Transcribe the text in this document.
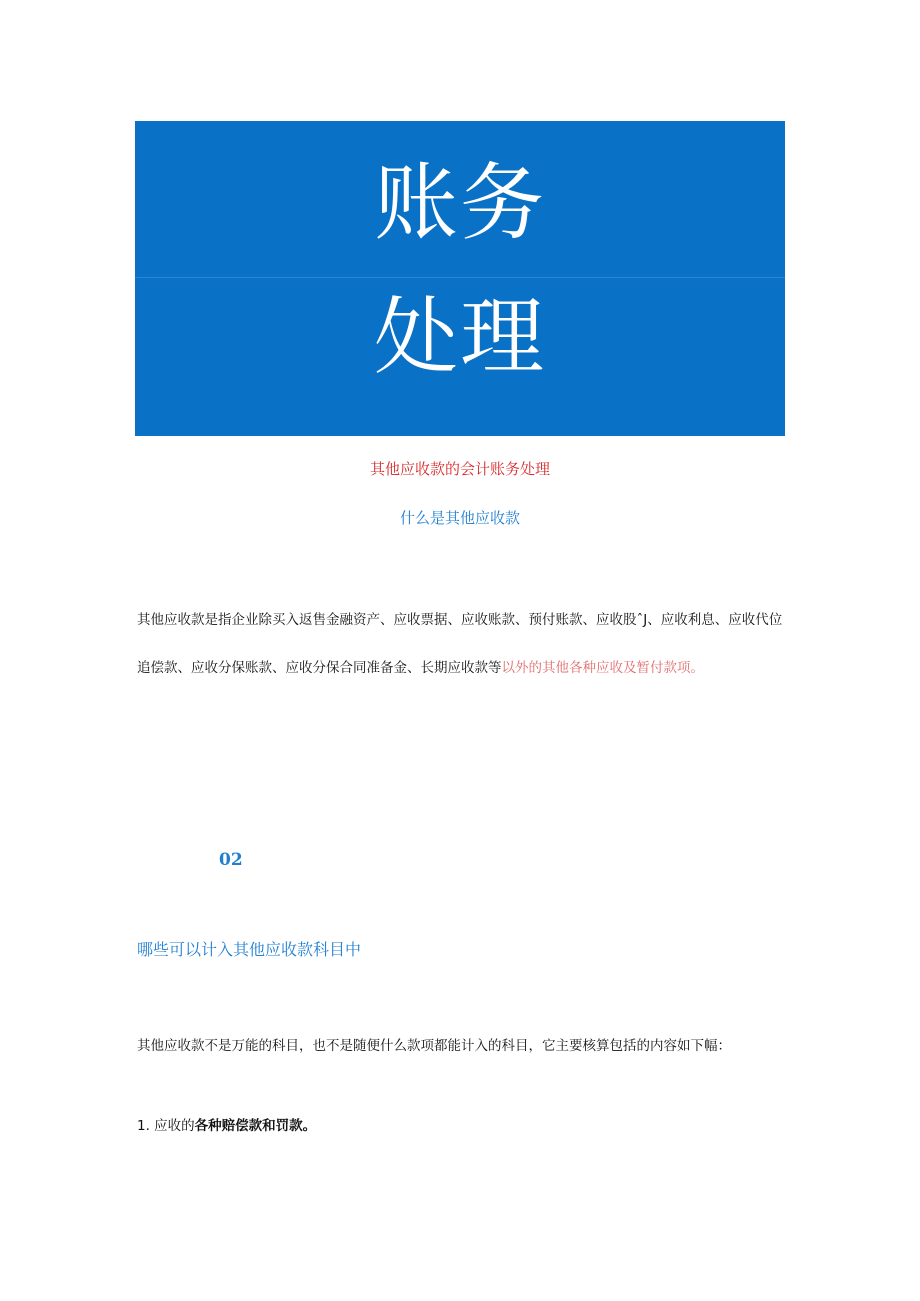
账务
处理
其他应收款的会计账务处理
什么是其他应收款
其他应收款是指企业除买入返售金融资产、应收票据、应收账款、预付账款、应收股ˆJ、应收利息、应收代位追偿款、应收分保账款、应收分保合同准备金、长期应收款等以外的其他各种应收及暂付款项。
02
哪些可以计入其他应收款科目中
其他应收款不是万能的科目，也不是随便什么款项都能计入的科目，它主要核算包括的内容如下幅：
1. 应收的各种赔偿款和罚款。
